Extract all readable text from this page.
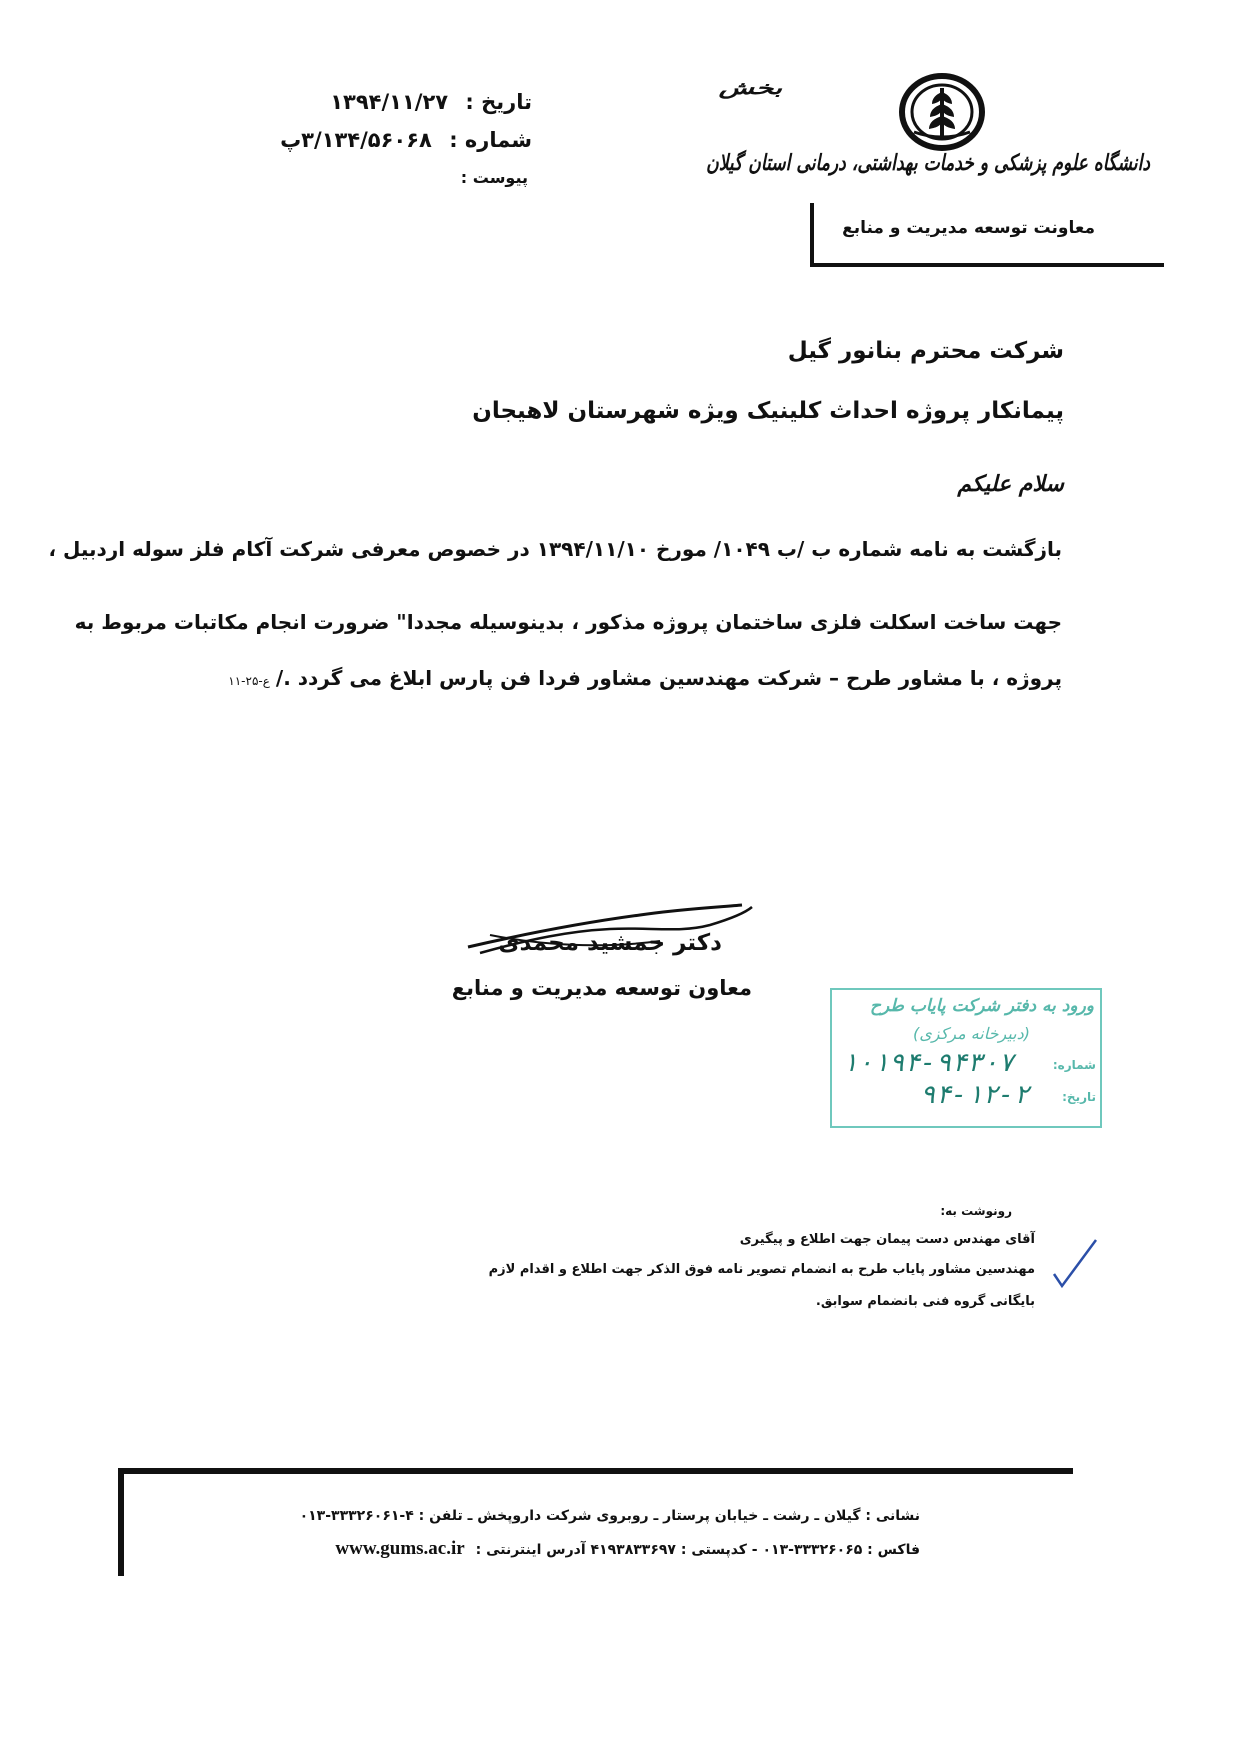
بخش
دانشگاه علوم پزشکی و خدمات بهداشتی، درمانی استان گیلان
معاونت توسعه مدیریت و منابع
تاریخ : ۱۳۹۴/۱۱/۲۷
شماره : ۳/۱۳۴/۵۶۰۶۸پ
پیوست :
شرکت محترم بنانور گیل
پیمانکار پروژه احداث کلینیک ویژه شهرستان لاهیجان
سلام علیکم
بازگشت به نامه شماره ب /ب ۱۰۴۹/ مورخ ۱۳۹۴/۱۱/۱۰ در خصوص معرفی شرکت آکام فلز سوله اردبیل ،
جهت ساخت اسکلت فلزی ساختمان پروژه مذکور ، بدینوسیله مجددا" ضرورت انجام مکاتبات مربوط به
پروژه ، با مشاور طرح – شرکت مهندسین مشاور فردا فن پارس ابلاغ می گردد ./ع-۲۵-۱۱
دکتر جمشید محمدی
معاون توسعه مدیریت و منابع
ورود به دفتر شرکت پایاب طرح
(دبیرخانه مرکزی)
شماره:
۱۰۱۹۴-۹۴۳۰۷
تاریخ:
۹۴-۱۲-۲
رونوشت به:
آقای مهندس دست پیمان جهت اطلاع و پیگیری
مهندسین مشاور پایاب طرح به انضمام تصویر نامه فوق الذکر جهت اطلاع و اقدام لازم
بایگانی گروه فنی بانضمام سوابق.
نشانی : گیلان ـ رشت ـ خیابان پرستار ـ روبروی شرکت داروپخش ـ تلفن : ۴-۳۳۳۲۶۰۶۱-۰۱۳
فاکس : ۳۳۳۲۶۰۶۵-۰۱۳ - کدپستی : ۴۱۹۳۸۳۳۶۹۷ آدرس اینترنتی : www.gums.ac.ir
